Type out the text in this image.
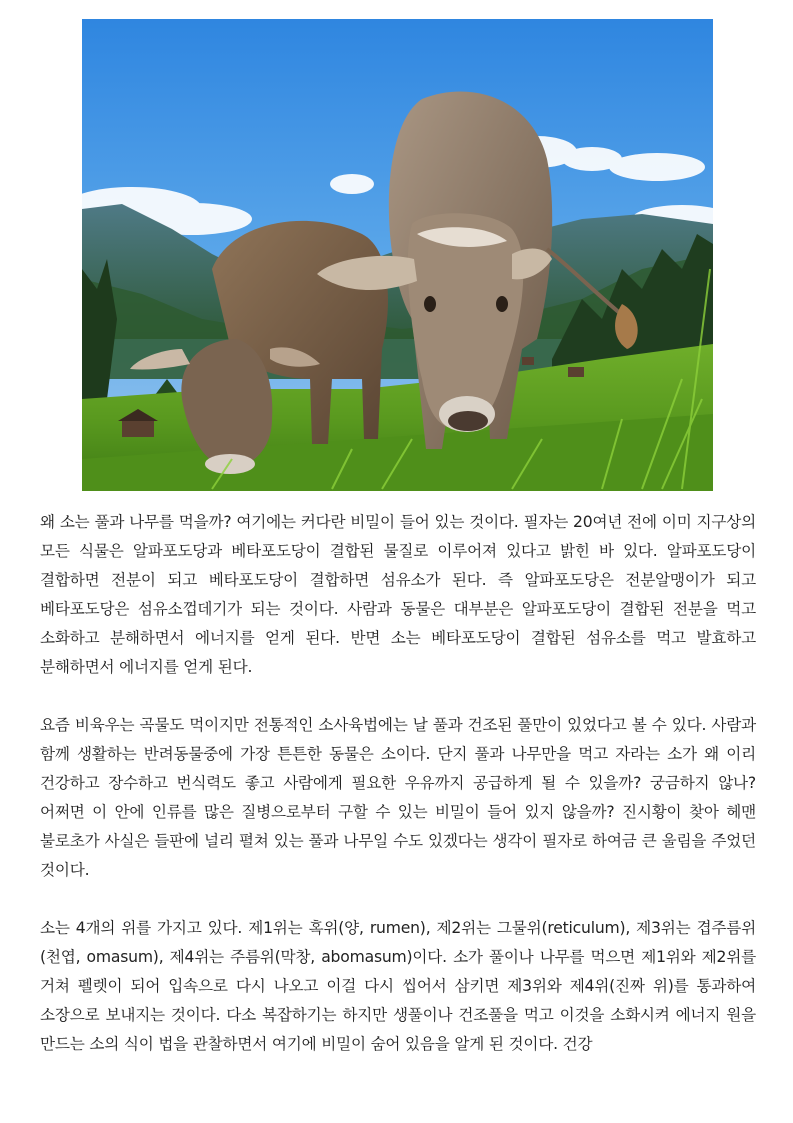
왜 소는 풀과 나무를 먹을까? 여기에는 커다란 비밀이 들어 있는 것이다. 필자는 20여년 전에 이미 지구상의 모든 식물은 알파포도당과 베타포도당이 결합된 물질로 이루어져 있다고 밝힌 바 있다. 알파포도당이 결합하면 전분이 되고 베타포도당이 결합하면 섬유소가 된다. 즉 알파포도당은 전분알맹이가 되고 베타포도당은 섬유소껍데기가 되는 것이다. 사람과 동물은 대부분은 알파포도당이 결합된 전분을 먹고 소화하고 분해하면서 에너지를 얻게 된다. 반면 소는 베타포도당이 결합된 섬유소를 먹고 발효하고 분해하면서 에너지를 얻게 된다.

요즘 비육우는 곡물도 먹이지만 전통적인 소사육법에는 날 풀과 건조된 풀만이 있었다고 볼 수 있다. 사람과 함께 생활하는 반려동물중에 가장 튼튼한 동물은 소이다. 단지 풀과 나무만을 먹고 자라는 소가 왜 이리 건강하고 장수하고 번식력도 좋고 사람에게 필요한 우유까지 공급하게 될 수 있을까? 궁금하지 않나? 어쩌면 이 안에 인류를 많은 질병으로부터 구할 수 있는 비밀이 들어 있지 않을까? 진시황이 찾아 헤맨 불로초가 사실은 들판에 널리 펼쳐 있는 풀과 나무일 수도 있겠다는 생각이 필자로 하여금 큰 울림을 주었던 것이다.

소는 4개의 위를 가지고 있다. 제1위는 혹위(양, rumen), 제2위는 그물위(reticulum), 제3위는 겹주름위(천엽, omasum), 제4위는 주름위(막창, abomasum)이다. 소가 풀이나 나무를 먹으면 제1위와 제2위를 거쳐 펠렛이 되어 입속으로 다시 나오고 이걸 다시 씹어서 삼키면 제3위와 제4위(진짜 위)를 통과하여 소장으로 보내지는 것이다. 다소 복잡하기는 하지만 생풀이나 건조풀을 먹고 이것을 소화시켜 에너지 원을 만드는 소의 식이 법을 관찰하면서 여기에 비밀이 숨어 있음을 알게 된 것이다. 건강
